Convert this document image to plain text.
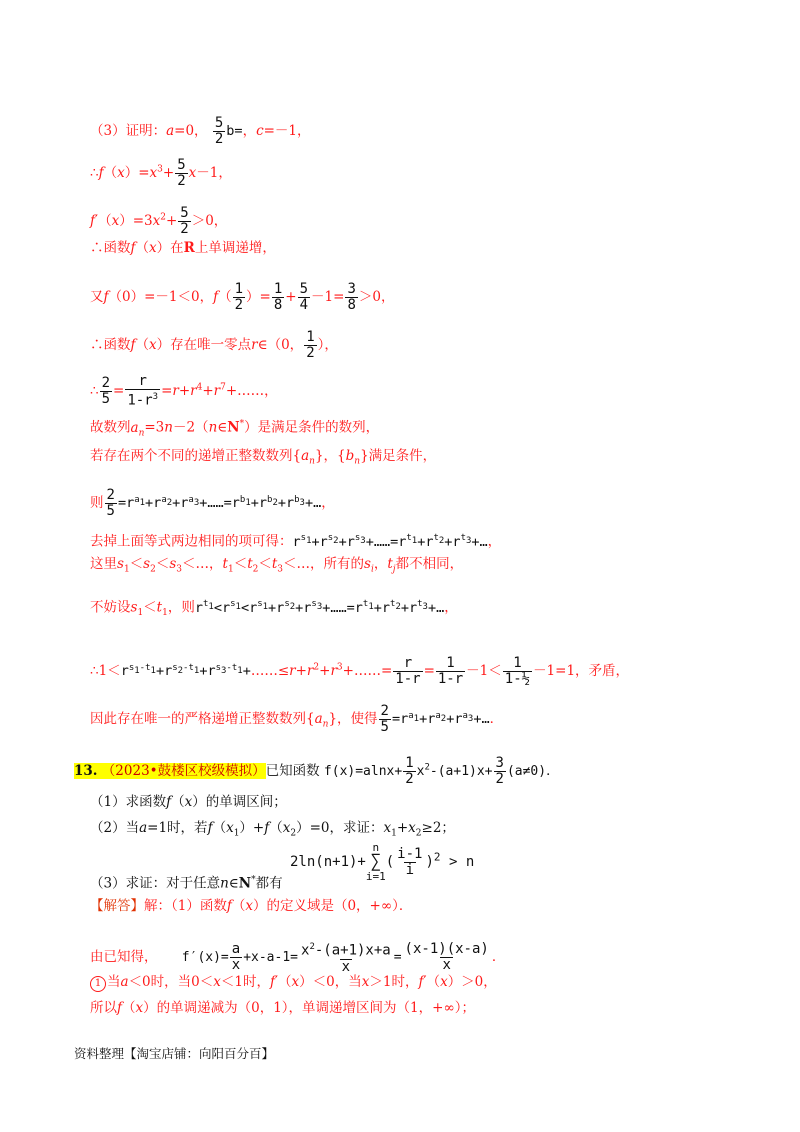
（3）证明：a=0， $\frac{5}{2} b=$，c=－1，
$\therefore f(x)=x^3+ \frac{5}{2} x-1$，
$f'(x)=3x^2+ \frac{5}{2} >0$，
∴函数f（x）在R上单调递增，
又f（0）=－1＜0，$f( \frac{1}{2}$ ）= $\frac{1}{8} + \frac{5}{4} -1= \frac{3}{8} >0$，
∴函数f（x）存在唯一零点r∈（0， $\frac{1}{2}$ ），
∴ $\frac{2}{5} = \frac{r}{1-r^3}$ $=r+r^4+r^7+\dots\dots$，
故数列$a_n=3n-2(n\in N^*)$是满足条件的数列，
若存在两个不同的递增正整数数列$\{a_n\}$，$\{b_n\}$满足条件，
则 $\frac{2}{5}$ $=r^{a_1}+r^{a_2}+r^{a_3}+\dots\dots=r^{b_1}+r^{b_2}+r^{b_3}+\dots$，
去掉上面等式两边相同的项可得：$r^{s_1}+r^{s_2}+r^{s_3}+\dots\dots=r^{t_1}+r^{t_2}+r^{t_3}+\dots$，
这里$s_1<s_2<s_3<\dots$，$t_1<t_2<t_3<\dots$，所有的$s_i$，$t_j$都不相同，
不妨设$s_1<t_1$，则$r^{t_1}<r^{s_1}<r^{s_1}+r^{s_2}+r^{s_3}+\dots\dots=r^{t_1}+r^{t_2}+r^{t_3}+\dots$，
$\therefore 1<r^{s_1-t_1}+r^{s_2-t_1}+r^{s_3-t_1}+\dots\dots\le r+r^2+r^3+\dots\dots= \frac{r}{1-r} = \frac{1}{1-r} -1< \frac{1}{\text{1-½}} -1=1$，矛盾，
因此存在唯一的严格递增正整数数列$\{a_n\}$，使得 $\frac{2}{5}$ $=r^{a_1}+r^{a_2}+r^{a_3}+\dots$．
13. （2023•鼓楼区校级模拟）已知函数 $f(x)=alnx+ \frac{1}{2} x^2-(a+1)x+ \frac{3}{2} (a\ne 0)$．
（1）求函数f（x）的单调区间；
（2）当a=1时，若$f(x_1)+f(x_2)=0$，求证：$x_1+x_2\ge 2$；
2ln(n+1)+
n
∑
i=1
( $\frac{i-1}{i} )^2 > n$
（3）求证：对于任意n∈N*都有
【解答】解：（1）函数f（x）的定义域是（0，+∞）．
由已知得， $f'(x)= \frac{a}{x} +x-a-1= \frac{x^2-(a+1)x+a}{x} = \frac{(x-1)(x-a)}{x}$ ．
1 当a＜0时，当0＜x＜1时，f′（x）＜0，当x＞1时，f′（x）＞0，
所以f（x）的单调递减为（0，1），单调递增区间为（1，+∞）；
资料整理【淘宝店铺：向阳百分百】
